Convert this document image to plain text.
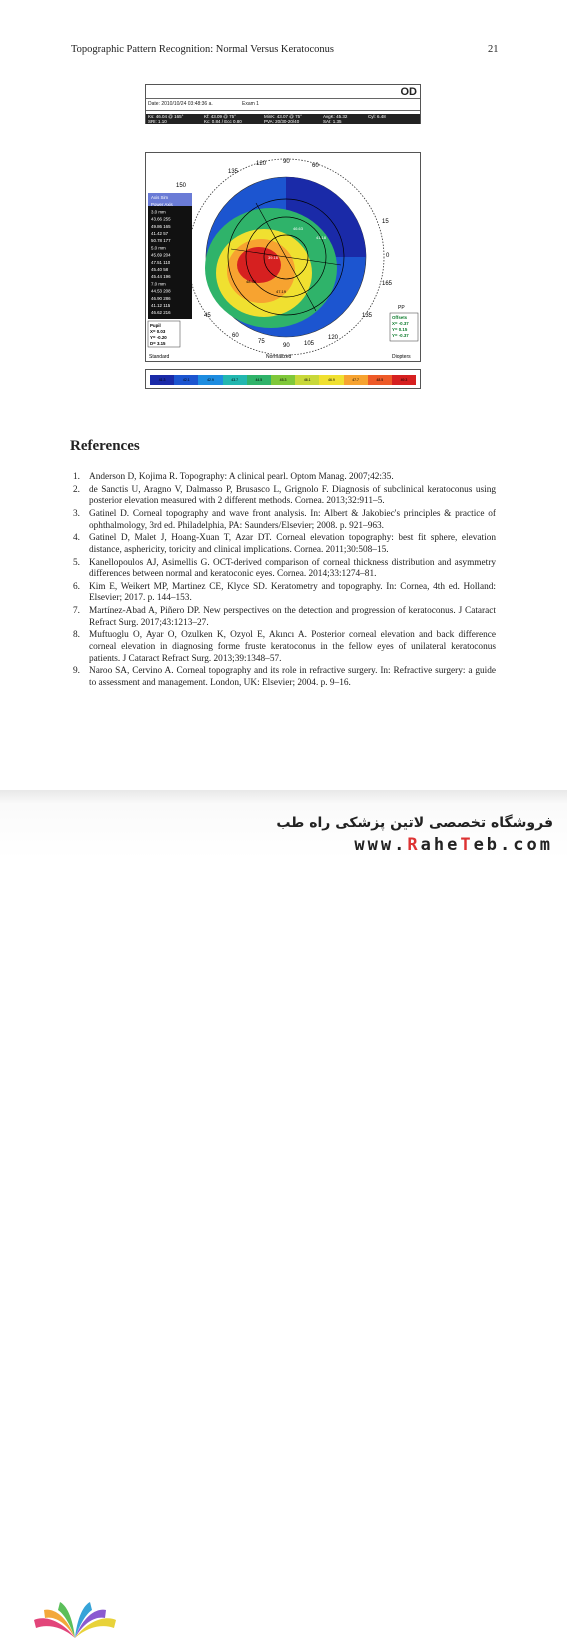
Topographic Pattern Recognition: Normal Versus Keratoconus	21
OD
Date: 2010/10/24 03:48:36 a.	Exam 1
Ks: 46.04 @ 165°	Kf: 43.09 @ 75°	MinK: 43.07 @ 75°	AvgK: 45.32	Cyl: 6.48
SRI: 1.10	Kc: 0.84 / Ecc 0.80	PVA: 20/30-20/40	SAI: 1.35
39.16
46.63
48.38
41.18
47.19
135
120	90
60
15
0
165
135
120
105
90
75
60
45
150
Axis Sim
Power Axis
3.0 mm
43.66 255
49.86 165
41.42 57
50.78 177
5.0 mm
45.69 204
47.51 110
45.40 58
45.44 196
7.0 mm
44.53 208
46.90 286
41.12 115
46.62 216
Pupil
X= 0.03
Y= -0.20
D= 3.15
PP
Offsets
X= -0.37
Y= 0.15
Y= -0.37
Standard	Normalized	Diopters
41.3	42.1	42.9	43.7	44.5	45.3	46.1	46.9	47.7	48.5	49.3
References
1. Anderson D, Kojima R. Topography: A clinical pearl. Optom Manag. 2007;42:35.
2. de Sanctis U, Aragno V, Dalmasso P, Brusasco L, Grignolo F. Diagnosis of subclinical keratoconus using posterior elevation measured with 2 different methods. Cornea. 2013;32:911–5.
3. Gatinel D. Corneal topography and wave front analysis. In: Albert & Jakobiec's principles & practice of ophthalmology, 3rd ed. Philadelphia, PA: Saunders/Elsevier; 2008. p. 921–963.
4. Gatinel D, Malet J, Hoang-Xuan T, Azar DT. Corneal elevation topography: best fit sphere, elevation distance, asphericity, toricity and clinical implications. Cornea. 2011;30:508–15.
5. Kanellopoulos AJ, Asimellis G. OCT-derived comparison of corneal thickness distribution and asymmetry differences between normal and keratoconic eyes. Cornea. 2014;33:1274–81.
6. Kim E, Weikert MP, Martinez CE, Klyce SD. Keratometry and topography. In: Cornea, 4th ed. Holland: Elsevier; 2017. p. 144–153.
7. Martínez-Abad A, Piñero DP. New perspectives on the detection and progression of keratoconus. J Cataract Refract Surg. 2017;43:1213–27.
8. Muftuoglu O, Ayar O, Ozulken K, Ozyol E, Akıncı A. Posterior corneal elevation and back difference corneal elevation in diagnosing forme fruste keratoconus in the fellow eyes of unilateral keratoconus patients. J Cataract Refract Surg. 2013;39:1348–57.
9. Naroo SA, Cervino A. Corneal topography and its role in refractive surgery. In: Refractive surgery: a guide to assessment and management. London, UK: Elsevier; 2004. p. 9–16.
فروشگاه تخصصی لاتین پزشکی راه طب
www.RaheTeb.com
